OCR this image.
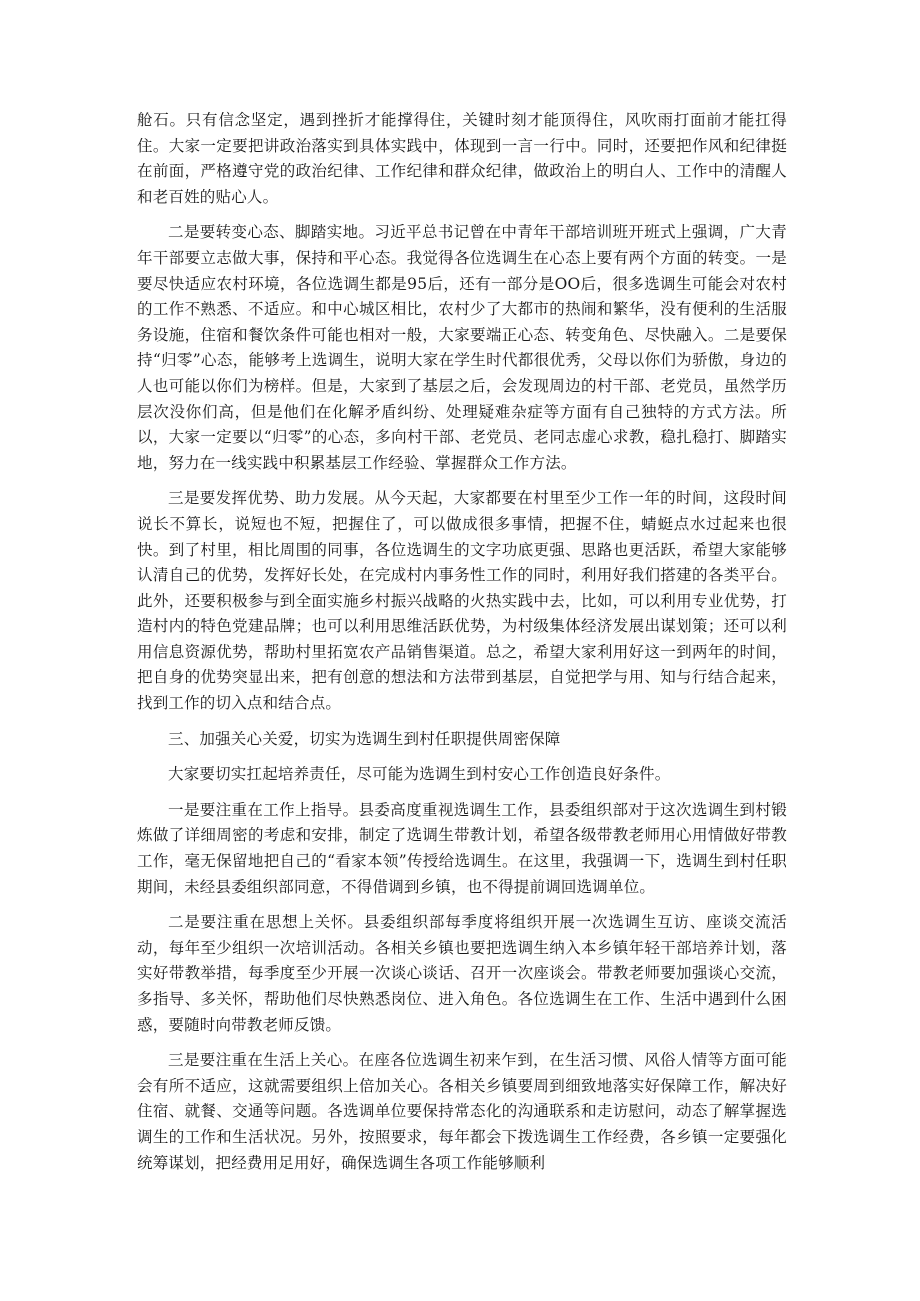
舱石。只有信念坚定，遇到挫折才能撑得住，关键时刻才能顶得住，风吹雨打面前才能扛得住。大家一定要把讲政治落实到具体实践中，体现到一言一行中。同时，还要把作风和纪律挺在前面，严格遵守党的政治纪律、工作纪律和群众纪律，做政治上的明白人、工作中的清醒人和老百姓的贴心人。

二是要转变心态、脚踏实地。习近平总书记曾在中青年干部培训班开班式上强调，广大青年干部要立志做大事，保持和平心态。我觉得各位选调生在心态上要有两个方面的转变。一是要尽快适应农村环境，各位选调生都是95后，还有一部分是OO后，很多选调生可能会对农村的工作不熟悉、不适应。和中心城区相比，农村少了大都市的热闹和繁华，没有便利的生活服务设施，住宿和餐饮条件可能也相对一般，大家要端正心态、转变角色、尽快融入。二是要保持“归零”心态，能够考上选调生，说明大家在学生时代都很优秀，父母以你们为骄傲，身边的人也可能以你们为榜样。但是，大家到了基层之后，会发现周边的村干部、老党员，虽然学历层次没你们高，但是他们在化解矛盾纠纷、处理疑难杂症等方面有自己独特的方式方法。所以，大家一定要以“归零”的心态，多向村干部、老党员、老同志虚心求教，稳扎稳打、脚踏实地，努力在一线实践中积累基层工作经验、掌握群众工作方法。

三是要发挥优势、助力发展。从今天起，大家都要在村里至少工作一年的时间，这段时间说长不算长，说短也不短，把握住了，可以做成很多事情，把握不住，蜻蜓点水过起来也很快。到了村里，相比周围的同事，各位选调生的文字功底更强、思路也更活跃，希望大家能够认清自己的优势，发挥好长处，在完成村内事务性工作的同时，利用好我们搭建的各类平台。此外，还要积极参与到全面实施乡村振兴战略的火热实践中去，比如，可以利用专业优势，打造村内的特色党建品牌；也可以利用思维活跃优势，为村级集体经济发展出谋划策；还可以利用信息资源优势，帮助村里拓宽农产品销售渠道。总之，希望大家利用好这一到两年的时间，把自身的优势突显出来，把有创意的想法和方法带到基层，自觉把学与用、知与行结合起来，找到工作的切入点和结合点。

三、加强关心关爱，切实为选调生到村任职提供周密保障

大家要切实扛起培养责任，尽可能为选调生到村安心工作创造良好条件。

一是要注重在工作上指导。县委高度重视选调生工作，县委组织部对于这次选调生到村锻炼做了详细周密的考虑和安排，制定了选调生带教计划，希望各级带教老师用心用情做好带教工作，毫无保留地把自己的“看家本领”传授给选调生。在这里，我强调一下，选调生到村任职期间，未经县委组织部同意，不得借调到乡镇，也不得提前调回选调单位。

二是要注重在思想上关怀。县委组织部每季度将组织开展一次选调生互访、座谈交流活动，每年至少组织一次培训活动。各相关乡镇也要把选调生纳入本乡镇年轻干部培养计划，落实好带教举措，每季度至少开展一次谈心谈话、召开一次座谈会。带教老师要加强谈心交流，多指导、多关怀，帮助他们尽快熟悉岗位、进入角色。各位选调生在工作、生活中遇到什么困惑，要随时向带教老师反馈。

三是要注重在生活上关心。在座各位选调生初来乍到，在生活习惯、风俗人情等方面可能会有所不适应，这就需要组织上倍加关心。各相关乡镇要周到细致地落实好保障工作，解决好住宿、就餐、交通等问题。各选调单位要保持常态化的沟通联系和走访慰问，动态了解掌握选调生的工作和生活状况。另外，按照要求，每年都会下拨选调生工作经费，各乡镇一定要强化统筹谋划，把经费用足用好，确保选调生各项工作能够顺利
